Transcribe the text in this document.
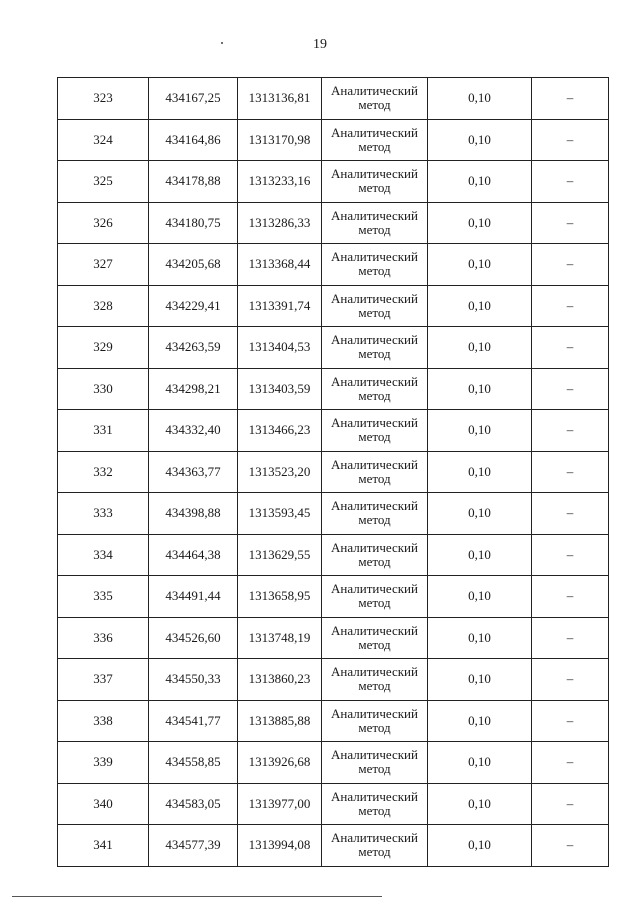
19
323	434167,25	1313136,81	Аналитический
метод	0,10	–
324	434164,86	1313170,98	Аналитический
метод	0,10	–
325	434178,88	1313233,16	Аналитический
метод	0,10	–
326	434180,75	1313286,33	Аналитический
метод	0,10	–
327	434205,68	1313368,44	Аналитический
метод	0,10	–
328	434229,41	1313391,74	Аналитический
метод	0,10	–
329	434263,59	1313404,53	Аналитический
метод	0,10	–
330	434298,21	1313403,59	Аналитический
метод	0,10	–
331	434332,40	1313466,23	Аналитический
метод	0,10	–
332	434363,77	1313523,20	Аналитический
метод	0,10	–
333	434398,88	1313593,45	Аналитический
метод	0,10	–
334	434464,38	1313629,55	Аналитический
метод	0,10	–
335	434491,44	1313658,95	Аналитический
метод	0,10	–
336	434526,60	1313748,19	Аналитический
метод	0,10	–
337	434550,33	1313860,23	Аналитический
метод	0,10	–
338	434541,77	1313885,88	Аналитический
метод	0,10	–
339	434558,85	1313926,68	Аналитический
метод	0,10	–
340	434583,05	1313977,00	Аналитический
метод	0,10	–
341	434577,39	1313994,08	Аналитический
метод	0,10	–
